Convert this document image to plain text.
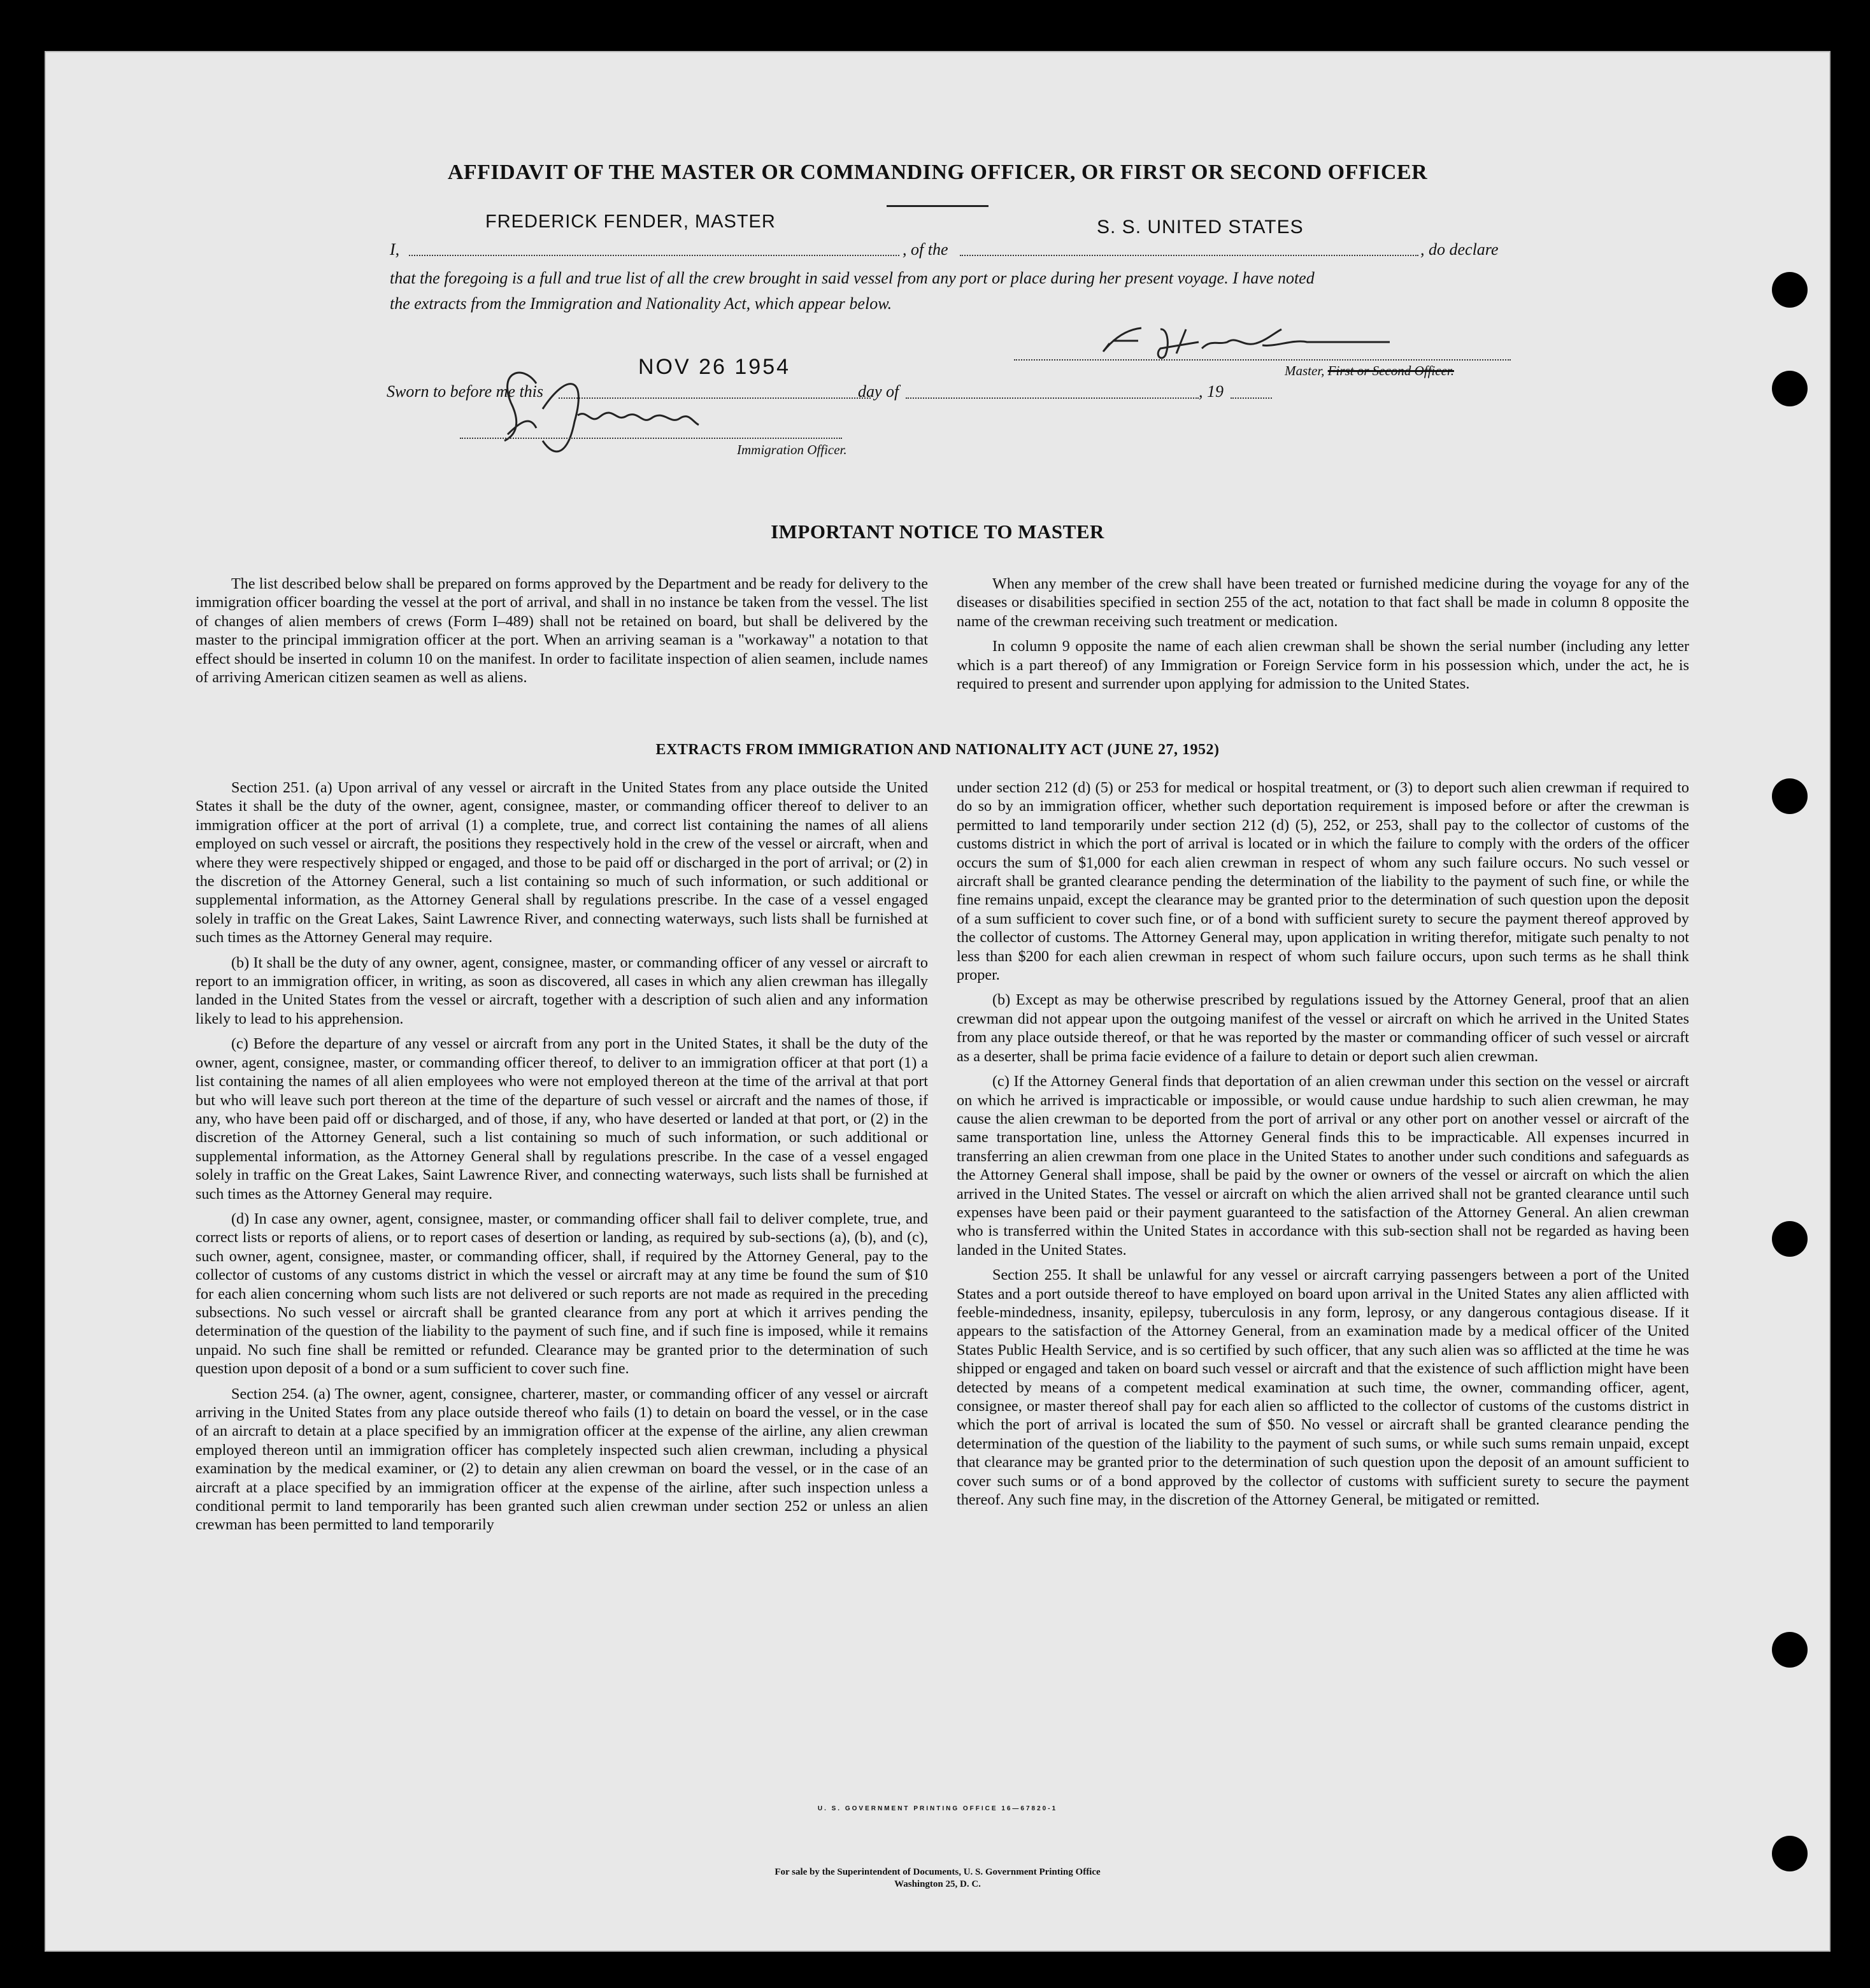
AFFIDAVIT OF THE MASTER OR COMMANDING OFFICER, OR FIRST OR SECOND OFFICER
FREDERICK FENDER, MASTER	S. S. UNITED STATES
I,	, of the	, do declare
that the foregoing is a full and true list of all the crew brought in said vessel from any port or place during her present voyage. I have noted
the extracts from the Immigration and Nationality Act, which appear below.
Master, First or Second Officer.
NOV 26 1954
Sworn to before me this	day of	, 19
Immigration Officer.
IMPORTANT NOTICE TO MASTER

The list described below shall be prepared on forms approved by the Department and be ready for delivery to the immigration officer boarding the vessel at the port of arrival, and shall in no instance be taken from the vessel. The list of changes of alien members of crews (Form I–489) shall not be retained on board, but shall be delivered by the master to the principal immigration officer at the port. When an arriving seaman is a "workaway" a notation to that effect should be inserted in column 10 on the manifest. In order to facilitate inspection of alien seamen, include names of arriving American citizen seamen as well as aliens.

When any member of the crew shall have been treated or furnished medicine during the voyage for any of the diseases or disabilities specified in section 255 of the act, notation to that fact shall be made in column 8 opposite the name of the crewman receiving such treatment or medication.

In column 9 opposite the name of each alien crewman shall be shown the serial number (including any letter which is a part thereof) of any Immigration or Foreign Service form in his possession which, under the act, he is required to present and surrender upon applying for admission to the United States.

EXTRACTS FROM IMMIGRATION AND NATIONALITY ACT (JUNE 27, 1952)

Section 251. (a) Upon arrival of any vessel or aircraft in the United States from any place outside the United States it shall be the duty of the owner, agent, consignee, master, or commanding officer thereof to deliver to an immigration officer at the port of arrival (1) a complete, true, and correct list containing the names of all aliens employed on such vessel or aircraft, the positions they respectively hold in the crew of the vessel or aircraft, when and where they were respectively shipped or engaged, and those to be paid off or discharged in the port of arrival; or (2) in the discretion of the Attorney General, such a list containing so much of such information, or such additional or supplemental information, as the Attorney General shall by regulations prescribe. In the case of a vessel engaged solely in traffic on the Great Lakes, Saint Lawrence River, and connecting waterways, such lists shall be furnished at such times as the Attorney General may require.

(b) It shall be the duty of any owner, agent, consignee, master, or commanding officer of any vessel or aircraft to report to an immigration officer, in writing, as soon as discovered, all cases in which any alien crewman has illegally landed in the United States from the vessel or aircraft, together with a description of such alien and any information likely to lead to his apprehension.

(c) Before the departure of any vessel or aircraft from any port in the United States, it shall be the duty of the owner, agent, consignee, master, or commanding officer thereof, to deliver to an immigration officer at that port (1) a list containing the names of all alien employees who were not employed thereon at the time of the arrival at that port but who will leave such port thereon at the time of the departure of such vessel or aircraft and the names of those, if any, who have been paid off or discharged, and of those, if any, who have deserted or landed at that port, or (2) in the discretion of the Attorney General, such a list containing so much of such information, or such additional or supplemental information, as the Attorney General shall by regulations prescribe. In the case of a vessel engaged solely in traffic on the Great Lakes, Saint Lawrence River, and connecting waterways, such lists shall be furnished at such times as the Attorney General may require.

(d) In case any owner, agent, consignee, master, or commanding officer shall fail to deliver complete, true, and correct lists or reports of aliens, or to report cases of desertion or landing, as required by sub-sections (a), (b), and (c), such owner, agent, consignee, master, or commanding officer, shall, if required by the Attorney General, pay to the collector of customs of any customs district in which the vessel or aircraft may at any time be found the sum of $10 for each alien concerning whom such lists are not delivered or such reports are not made as required in the preceding subsections. No such vessel or aircraft shall be granted clearance from any port at which it arrives pending the determination of the question of the liability to the payment of such fine, and if such fine is imposed, while it remains unpaid. No such fine shall be remitted or refunded. Clearance may be granted prior to the determination of such question upon deposit of a bond or a sum sufficient to cover such fine.

Section 254. (a) The owner, agent, consignee, charterer, master, or commanding officer of any vessel or aircraft arriving in the United States from any place outside thereof who fails (1) to detain on board the vessel, or in the case of an aircraft to detain at a place specified by an immigration officer at the expense of the airline, any alien crewman employed thereon until an immigration officer has completely inspected such alien crewman, including a physical examination by the medical examiner, or (2) to detain any alien crewman on board the vessel, or in the case of an aircraft at a place specified by an immigration officer at the expense of the airline, after such inspection unless a conditional permit to land temporarily has been granted such alien crewman under section 252 or unless an alien crewman has been permitted to land temporarily

under section 212 (d) (5) or 253 for medical or hospital treatment, or (3) to deport such alien crewman if required to do so by an immigration officer, whether such deportation requirement is imposed before or after the crewman is permitted to land temporarily under section 212 (d) (5), 252, or 253, shall pay to the collector of customs of the customs district in which the port of arrival is located or in which the failure to comply with the orders of the officer occurs the sum of $1,000 for each alien crewman in respect of whom any such failure occurs. No such vessel or aircraft shall be granted clearance pending the determination of the liability to the payment of such fine, or while the fine remains unpaid, except the clearance may be granted prior to the determination of such question upon the deposit of a sum sufficient to cover such fine, or of a bond with sufficient surety to secure the payment thereof approved by the collector of customs. The Attorney General may, upon application in writing therefor, mitigate such penalty to not less than $200 for each alien crewman in respect of whom such failure occurs, upon such terms as he shall think proper.

(b) Except as may be otherwise prescribed by regulations issued by the Attorney General, proof that an alien crewman did not appear upon the outgoing manifest of the vessel or aircraft on which he arrived in the United States from any place outside thereof, or that he was reported by the master or commanding officer of such vessel or aircraft as a deserter, shall be prima facie evidence of a failure to detain or deport such alien crewman.

(c) If the Attorney General finds that deportation of an alien crewman under this section on the vessel or aircraft on which he arrived is impracticable or impossible, or would cause undue hardship to such alien crewman, he may cause the alien crewman to be deported from the port of arrival or any other port on another vessel or aircraft of the same transportation line, unless the Attorney General finds this to be impracticable. All expenses incurred in transferring an alien crewman from one place in the United States to another under such conditions and safeguards as the Attorney General shall impose, shall be paid by the owner or owners of the vessel or aircraft on which the alien arrived in the United States. The vessel or aircraft on which the alien arrived shall not be granted clearance until such expenses have been paid or their payment guaranteed to the satisfaction of the Attorney General. An alien crewman who is transferred within the United States in accordance with this sub-section shall not be regarded as having been landed in the United States.

Section 255. It shall be unlawful for any vessel or aircraft carrying passengers between a port of the United States and a port outside thereof to have employed on board upon arrival in the United States any alien afflicted with feeble-mindedness, insanity, epilepsy, tuberculosis in any form, leprosy, or any dangerous contagious disease. If it appears to the satisfaction of the Attorney General, from an examination made by a medical officer of the United States Public Health Service, and is so certified by such officer, that any such alien was so afflicted at the time he was shipped or engaged and taken on board such vessel or aircraft and that the existence of such affliction might have been detected by means of a competent medical examination at such time, the owner, commanding officer, agent, consignee, or master thereof shall pay for each alien so afflicted to the collector of customs of the customs district in which the port of arrival is located the sum of $50. No vessel or aircraft shall be granted clearance pending the determination of the question of the liability to the payment of such sums, or while such sums remain unpaid, except that clearance may be granted prior to the determination of such question upon the deposit of an amount sufficient to cover such sums or of a bond approved by the collector of customs with sufficient surety to secure the payment thereof. Any such fine may, in the discretion of the Attorney General, be mitigated or remitted.

U. S. GOVERNMENT PRINTING OFFICE 16—67820-1
For sale by the Superintendent of Documents, U. S. Government Printing Office
Washington 25, D. C.
